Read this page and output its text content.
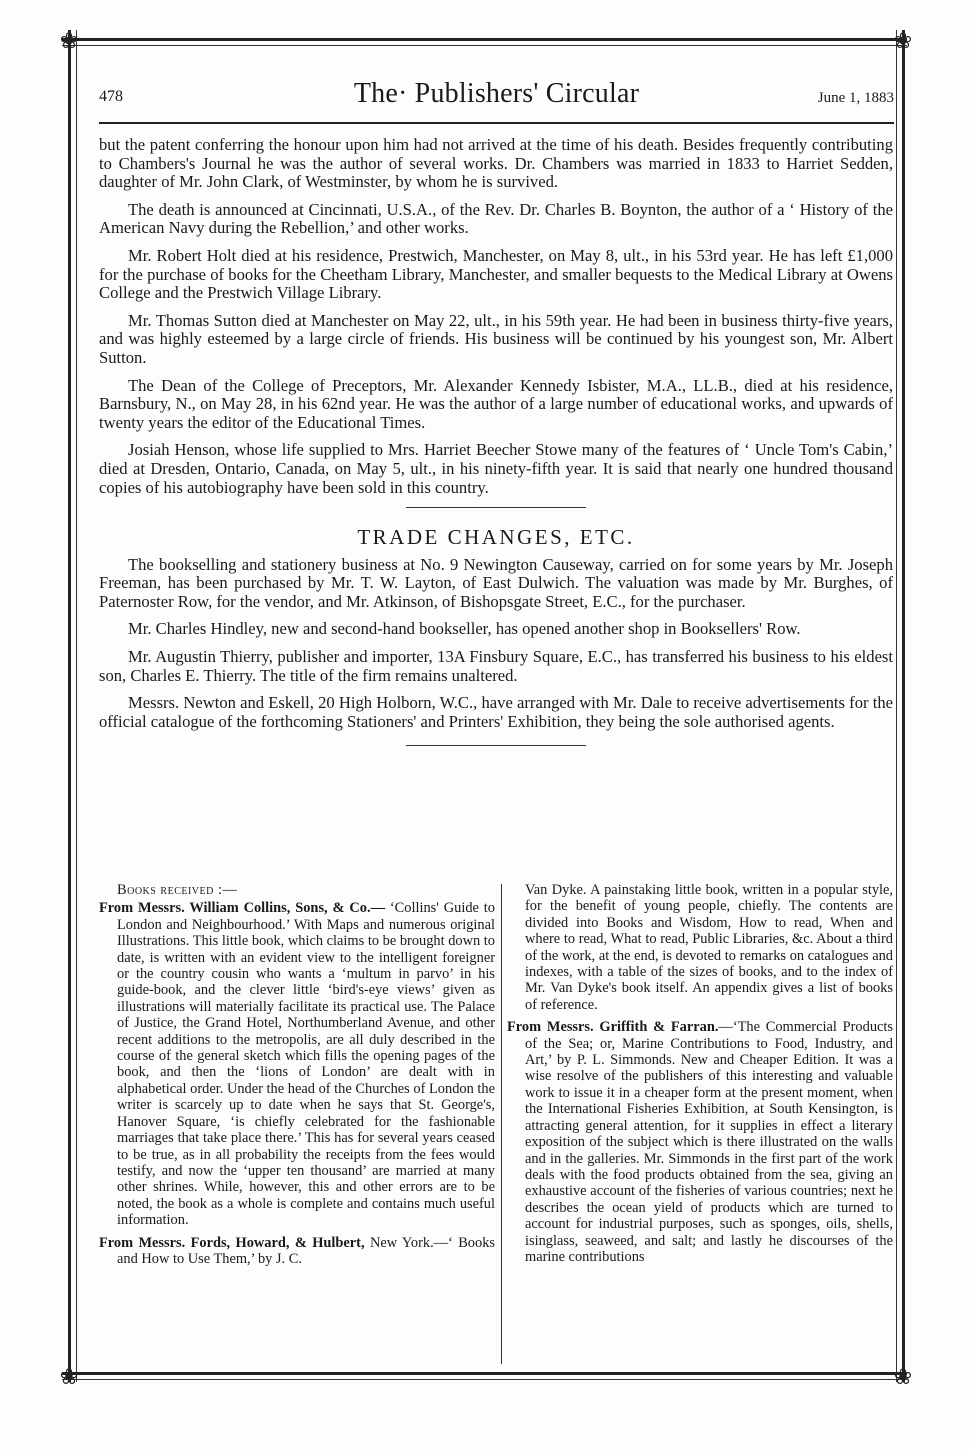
❀	❀
❀	❀
478	The· Publishers' Circular	June 1, 1883

but the patent conferring the honour upon him had not arrived at the time of his death. Besides frequently contributing to Chambers's Journal he was the author of several works. Dr. Chambers was married in 1833 to Harriet Sedden, daughter of Mr. John Clark, of Westminster, by whom he is survived.

The death is announced at Cincinnati, U.S.A., of the Rev. Dr. Charles B. Boynton, the author of a ‘ History of the American Navy during the Rebellion,’ and other works.

Mr. Robert Holt died at his residence, Prestwich, Manchester, on May 8, ult., in his 53rd year. He has left £1,000 for the purchase of books for the Cheetham Library, Manchester, and smaller bequests to the Medical Library at Owens College and the Prestwich Village Library.

Mr. Thomas Sutton died at Manchester on May 22, ult., in his 59th year. He had been in business thirty-five years, and was highly esteemed by a large circle of friends. His business will be continued by his youngest son, Mr. Albert Sutton.

The Dean of the College of Preceptors, Mr. Alexander Kennedy Isbister, M.A., LL.B., died at his residence, Barnsbury, N., on May 28, in his 62nd year. He was the author of a large number of educational works, and upwards of twenty years the editor of the Educational Times.

Josiah Henson, whose life supplied to Mrs. Harriet Beecher Stowe many of the features of ‘ Uncle Tom's Cabin,’ died at Dresden, Ontario, Canada, on May 5, ult., in his ninety-fifth year. It is said that nearly one hundred thousand copies of his autobiography have been sold in this country.

TRADE CHANGES, ETC.

The bookselling and stationery business at No. 9 Newington Causeway, carried on for some years by Mr. Joseph Freeman, has been purchased by Mr. T. W. Layton, of East Dulwich. The valuation was made by Mr. Burghes, of Paternoster Row, for the vendor, and Mr. Atkinson, of Bishopsgate Street, E.C., for the purchaser.

Mr. Charles Hindley, new and second-hand bookseller, has opened another shop in Booksellers' Row.

Mr. Augustin Thierry, publisher and importer, 13A Finsbury Square, E.C., has transferred his business to his eldest son, Charles E. Thierry. The title of the firm remains unaltered.

Messrs. Newton and Eskell, 20 High Holborn, W.C., have arranged with Mr. Dale to receive advertisements for the official catalogue of the forthcoming Stationers' and Printers' Exhibition, they being the sole authorised agents.

Books received :—

From Messrs. William Collins, Sons, & Co.— ‘Collins' Guide to London and Neighbourhood.’ With Maps and numerous original Illustrations. This little book, which claims to be brought down to date, is written with an evident view to the intelligent foreigner or the country cousin who wants a ‘multum in parvo’ in his guide-book, and the clever little ‘bird's-eye views’ given as illustrations will materially facilitate its practical use. The Palace of Justice, the Grand Hotel, Northumberland Avenue, and other recent additions to the metropolis, are all duly described in the course of the general sketch which fills the opening pages of the book, and then the ‘lions of London’ are dealt with in alphabetical order. Under the head of the Churches of London the writer is scarcely up to date when he says that St. George's, Hanover Square, ‘is chiefly celebrated for the fashionable marriages that take place there.’ This has for several years ceased to be true, as in all probability the receipts from the fees would testify, and now the ‘upper ten thousand’ are married at many other shrines. While, however, this and other errors are to be noted, the book as a whole is complete and contains much useful information.

From Messrs. Fords, Howard, & Hulbert, New York.—‘ Books and How to Use Them,’ by J. C.

Van Dyke. A painstaking little book, written in a popular style, for the benefit of young people, chiefly. The contents are divided into Books and Wisdom, How to read, When and where to read, What to read, Public Libraries, &c. About a third of the work, at the end, is devoted to remarks on catalogues and indexes, with a table of the sizes of books, and to the index of Mr. Van Dyke's book itself. An appendix gives a list of books of reference.

From Messrs. Griffith & Farran.—‘The Commercial Products of the Sea; or, Marine Contributions to Food, Industry, and Art,’ by P. L. Simmonds. New and Cheaper Edition. It was a wise resolve of the publishers of this interesting and valuable work to issue it in a cheaper form at the present moment, when the International Fisheries Exhibition, at South Kensington, is attracting general attention, for it supplies in effect a literary exposition of the subject which is there illustrated on the walls and in the galleries. Mr. Simmonds in the first part of the work deals with the food products obtained from the sea, giving an exhaustive account of the fisheries of various countries; next he describes the ocean yield of products which are turned to account for industrial purposes, such as sponges, oils, shells, isinglass, seaweed, and salt; and lastly he discourses of the marine contributions
